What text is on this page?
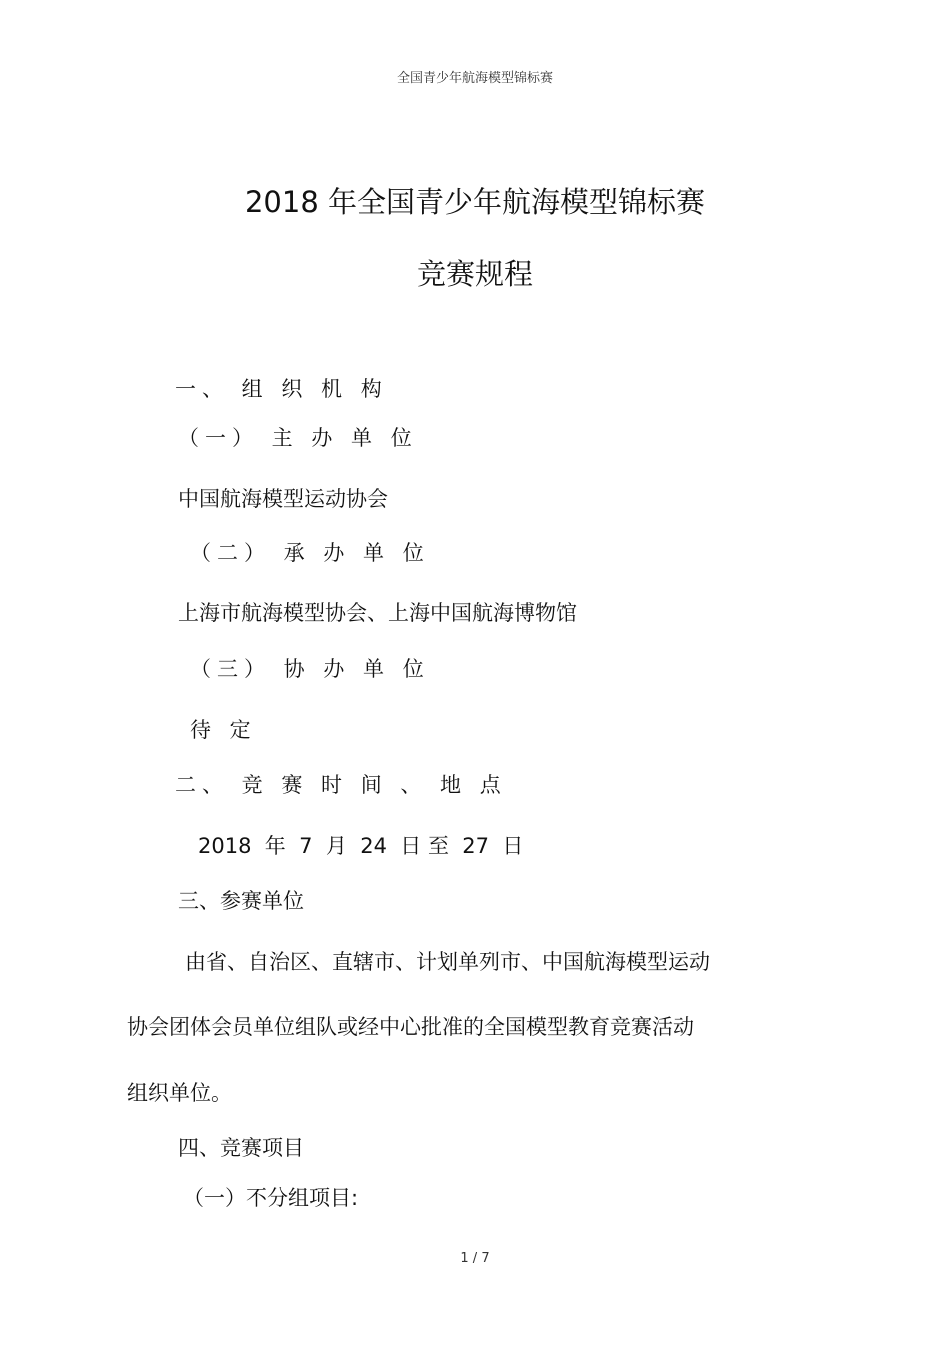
全国青少年航海模型锦标赛
2018 年全国青少年航海模型锦标赛
竞赛规程
一、 组 织 机 构
（一） 主 办 单 位
中国航海模型运动协会
（二） 承 办 单 位
上海市航海模型协会、上海中国航海博物馆
（三） 协 办 单 位
待 定
二、 竞 赛 时 间 、 地 点
2018  年  7  月  24  日 至  27  日
三、参赛单位
由省、自治区、直辖市、计划单列市、中国航海模型运动
协会团体会员单位组队或经中心批准的全国模型教育竞赛活动
组织单位。
四、竞赛项目
（一）不分组项目:
1 / 7
